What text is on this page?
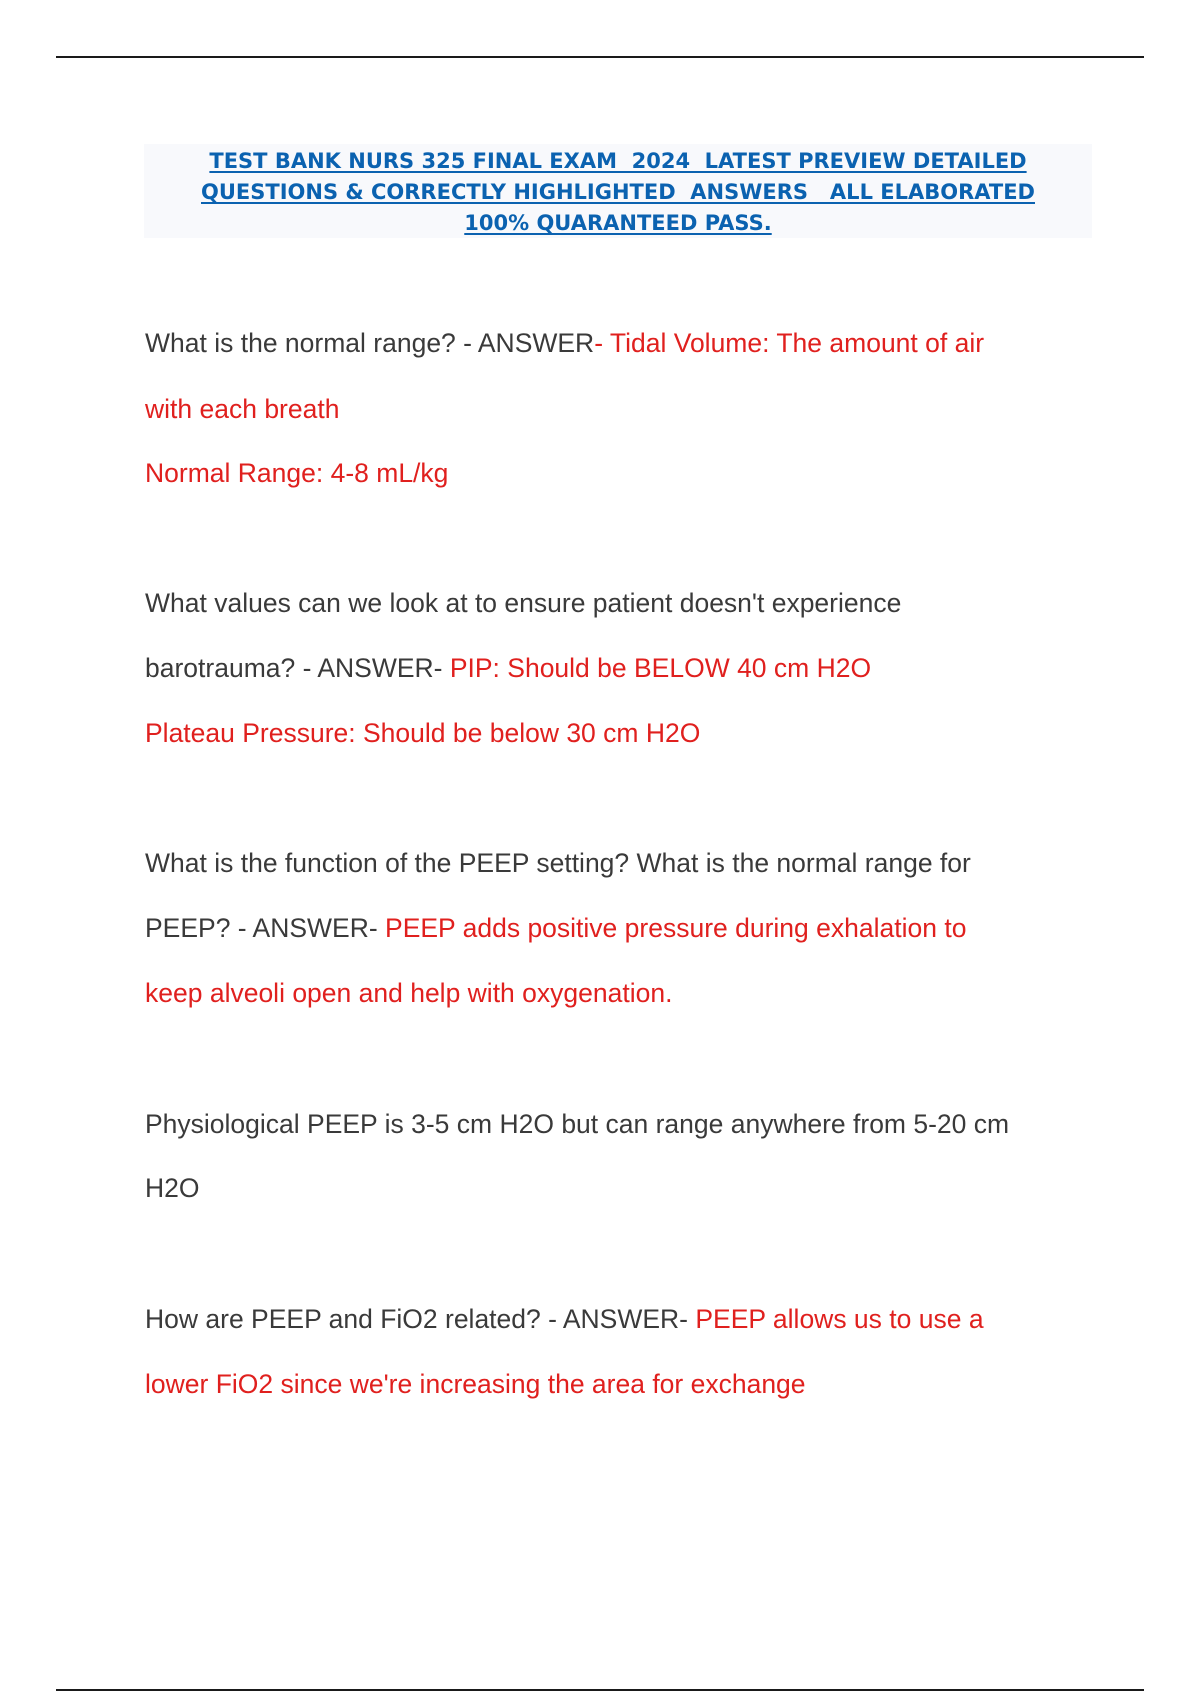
TEST BANK NURS 325 FINAL EXAM  2024  LATEST PREVIEW DETAILED
QUESTIONS & CORRECTLY HIGHLIGHTED  ANSWERS   ALL ELABORATED
100% QUARANTEED PASS.
What is the normal range? - ANSWER- Tidal Volume: The amount of air
with each breath
Normal Range: 4-8 mL/kg
What values can we look at to ensure patient doesn't experience
barotrauma? - ANSWER- PIP: Should be BELOW 40 cm H2O
Plateau Pressure: Should be below 30 cm H2O
What is the function of the PEEP setting? What is the normal range for
PEEP? - ANSWER- PEEP adds positive pressure during exhalation to
keep alveoli open and help with oxygenation.
Physiological PEEP is 3-5 cm H2O but can range anywhere from 5-20 cm
H2O
How are PEEP and FiO2 related? - ANSWER- PEEP allows us to use a
lower FiO2 since we're increasing the area for exchange
